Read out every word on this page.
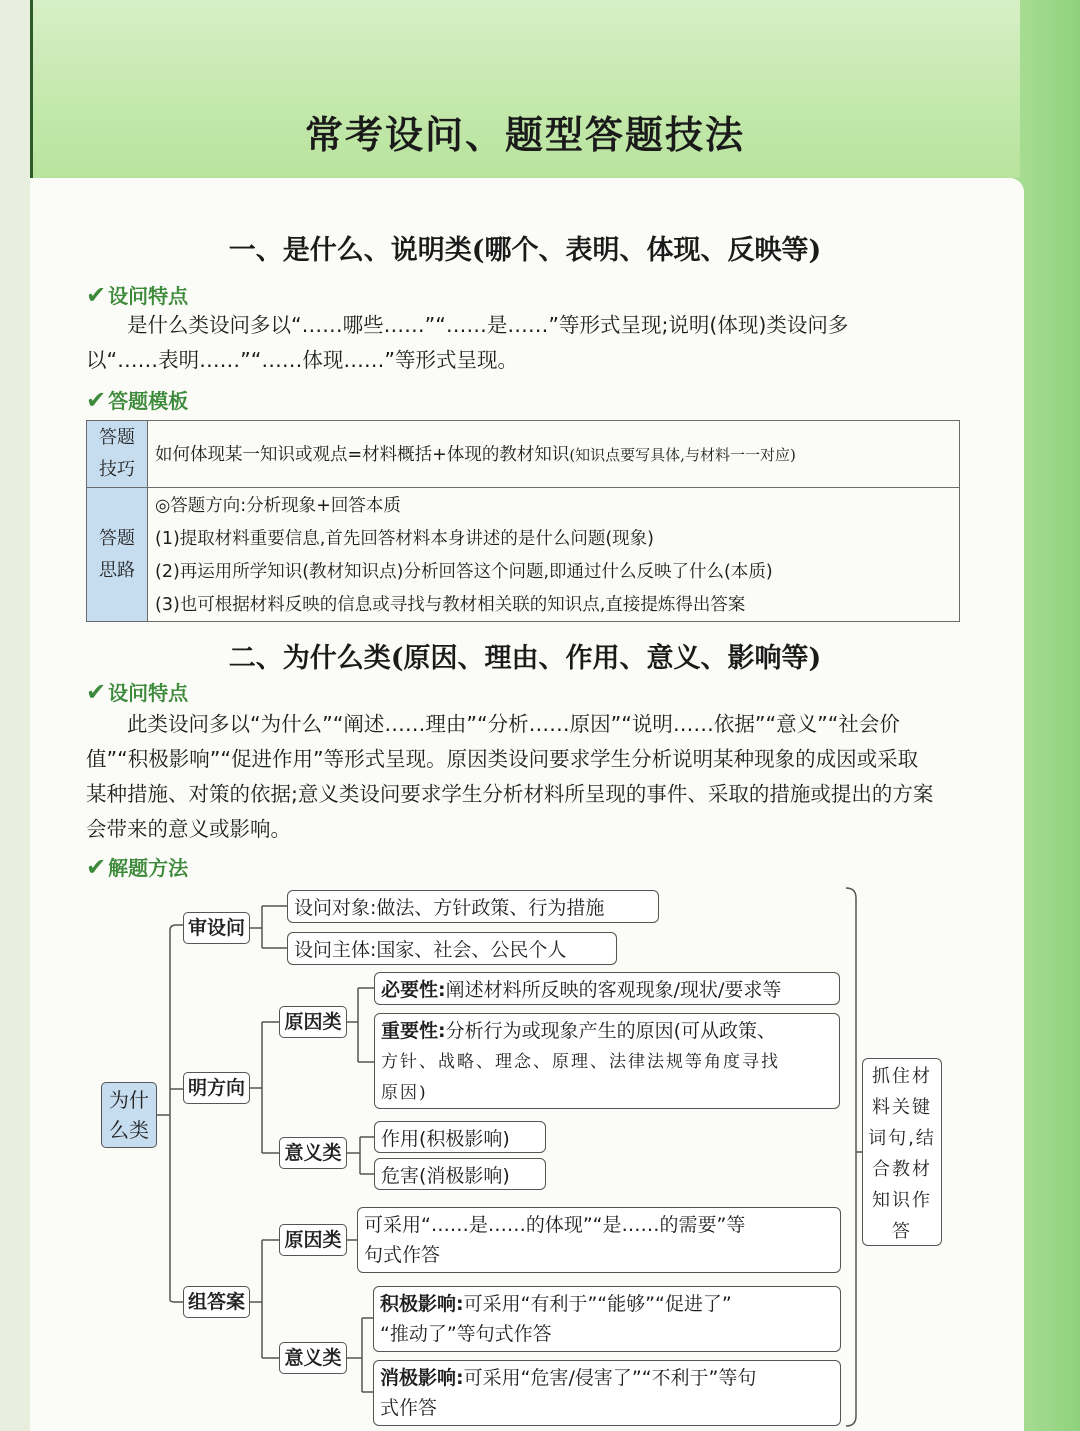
常考设问、题型答题技法
一、是什么、说明类(哪个、表明、体现、反映等)
✔ 设问特点

是什么类设问多以“……哪些……”“……是……”等形式呈现;说明(体现)类设问多

以“……表明……”“……体现……”等形式呈现。

✔ 答题模板
答题技巧
如何体现某一知识或观点=材料概括+体现的教材知识(知识点要写具体,与材料一一对应)
答题思路
◎答题方向:分析现象+回答本质
(1)提取材料重要信息,首先回答材料本身讲述的是什么问题(现象)
(2)再运用所学知识(教材知识点)分析回答这个问题,即通过什么反映了什么(本质)
(3)也可根据材料反映的信息或寻找与教材相关联的知识点,直接提炼得出答案
二、为什么类(原因、理由、作用、意义、影响等)
✔ 设问特点

此类设问多以“为什么”“阐述……理由”“分析……原因”“说明……依据”“意义”“社会价

值”“积极影响”“促进作用”等形式呈现。原因类设问要求学生分析说明某种现象的成因或采取

某种措施、对策的依据;意义类设问要求学生分析材料所呈现的事件、采取的措施或提出的方案

会带来的意义或影响。

✔ 解题方法
为什么类
审设问
设问对象:做法、方针政策、行为措施
设问主体:国家、社会、公民个人
明方向
原因类
必要性:阐述材料所反映的客观现象/现状/要求等
重要性:分析行为或现象产生的原因(可从政策、
方针、战略、理念、原理、法律法规等角度寻找
原因)
意义类
作用(积极影响)
危害(消极影响)
组答案
原因类
可采用“……是……的体现”“是……的需要”等
句式作答
意义类
积极影响:可采用“有利于”“能够”“促进了”
“推动了”等句式作答
消极影响:可采用“危害/侵害了”“不利于”等句
式作答
抓住材料关键词句,结合教材知识作答
